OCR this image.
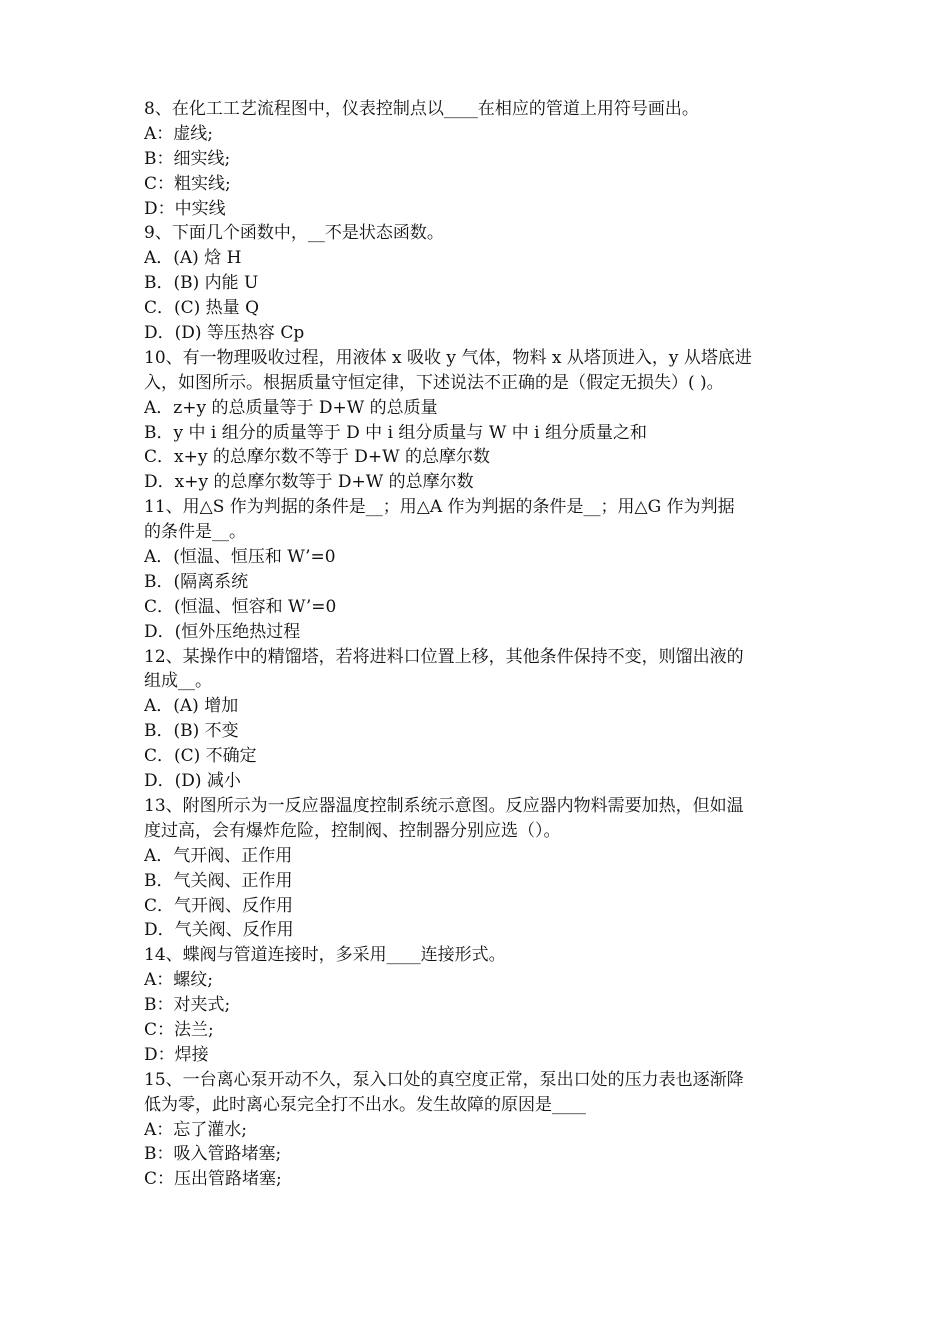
8、在化工工艺流程图中，仪表控制点以____在相应的管道上用符号画出。
A：虚线;
B：细实线;
C：粗实线;
D：中实线
9、下面几个函数中，__不是状态函数。
A．(A) 焓 H
B．(B) 内能 U
C．(C) 热量 Q
D．(D) 等压热容 Cp
10、有一物理吸收过程，用液体 x 吸收 y 气体，物料 x 从塔顶进入，y 从塔底进
入，如图所示。根据质量守恒定律，下述说法不正确的是（假定无损失）( )。
A．z+y 的总质量等于 D+W 的总质量
B．y 中 i 组分的质量等于 D 中 i 组分质量与 W 中 i 组分质量之和
C．x+y 的总摩尔数不等于 D+W 的总摩尔数
D．x+y 的总摩尔数等于 D+W 的总摩尔数
11、用△S 作为判据的条件是__；用△A 作为判据的条件是__；用△G 作为判据
的条件是__。
A．(恒温、恒压和 W’=0
B．(隔离系统
C．(恒温、恒容和 W’=0
D．(恒外压绝热过程
12、某操作中的精馏塔，若将进料口位置上移，其他条件保持不变，则馏出液的
组成__。
A．(A) 增加
B．(B) 不变
C．(C) 不确定
D．(D) 减小
13、附图所示为一反应器温度控制系统示意图。反应器内物料需要加热，但如温
度过高，会有爆炸危险，控制阀、控制器分别应选（）。
A．气开阀、正作用
B．气关阀、正作用
C．气开阀、反作用
D．气关阀、反作用
14、蝶阀与管道连接时，多采用____连接形式。
A：螺纹;
B：对夹式;
C：法兰;
D：焊接
15、一台离心泵开动不久，泵入口处的真空度正常，泵出口处的压力表也逐渐降
低为零，此时离心泵完全打不出水。发生故障的原因是____
A：忘了灌水;
B：吸入管路堵塞;
C：压出管路堵塞;
